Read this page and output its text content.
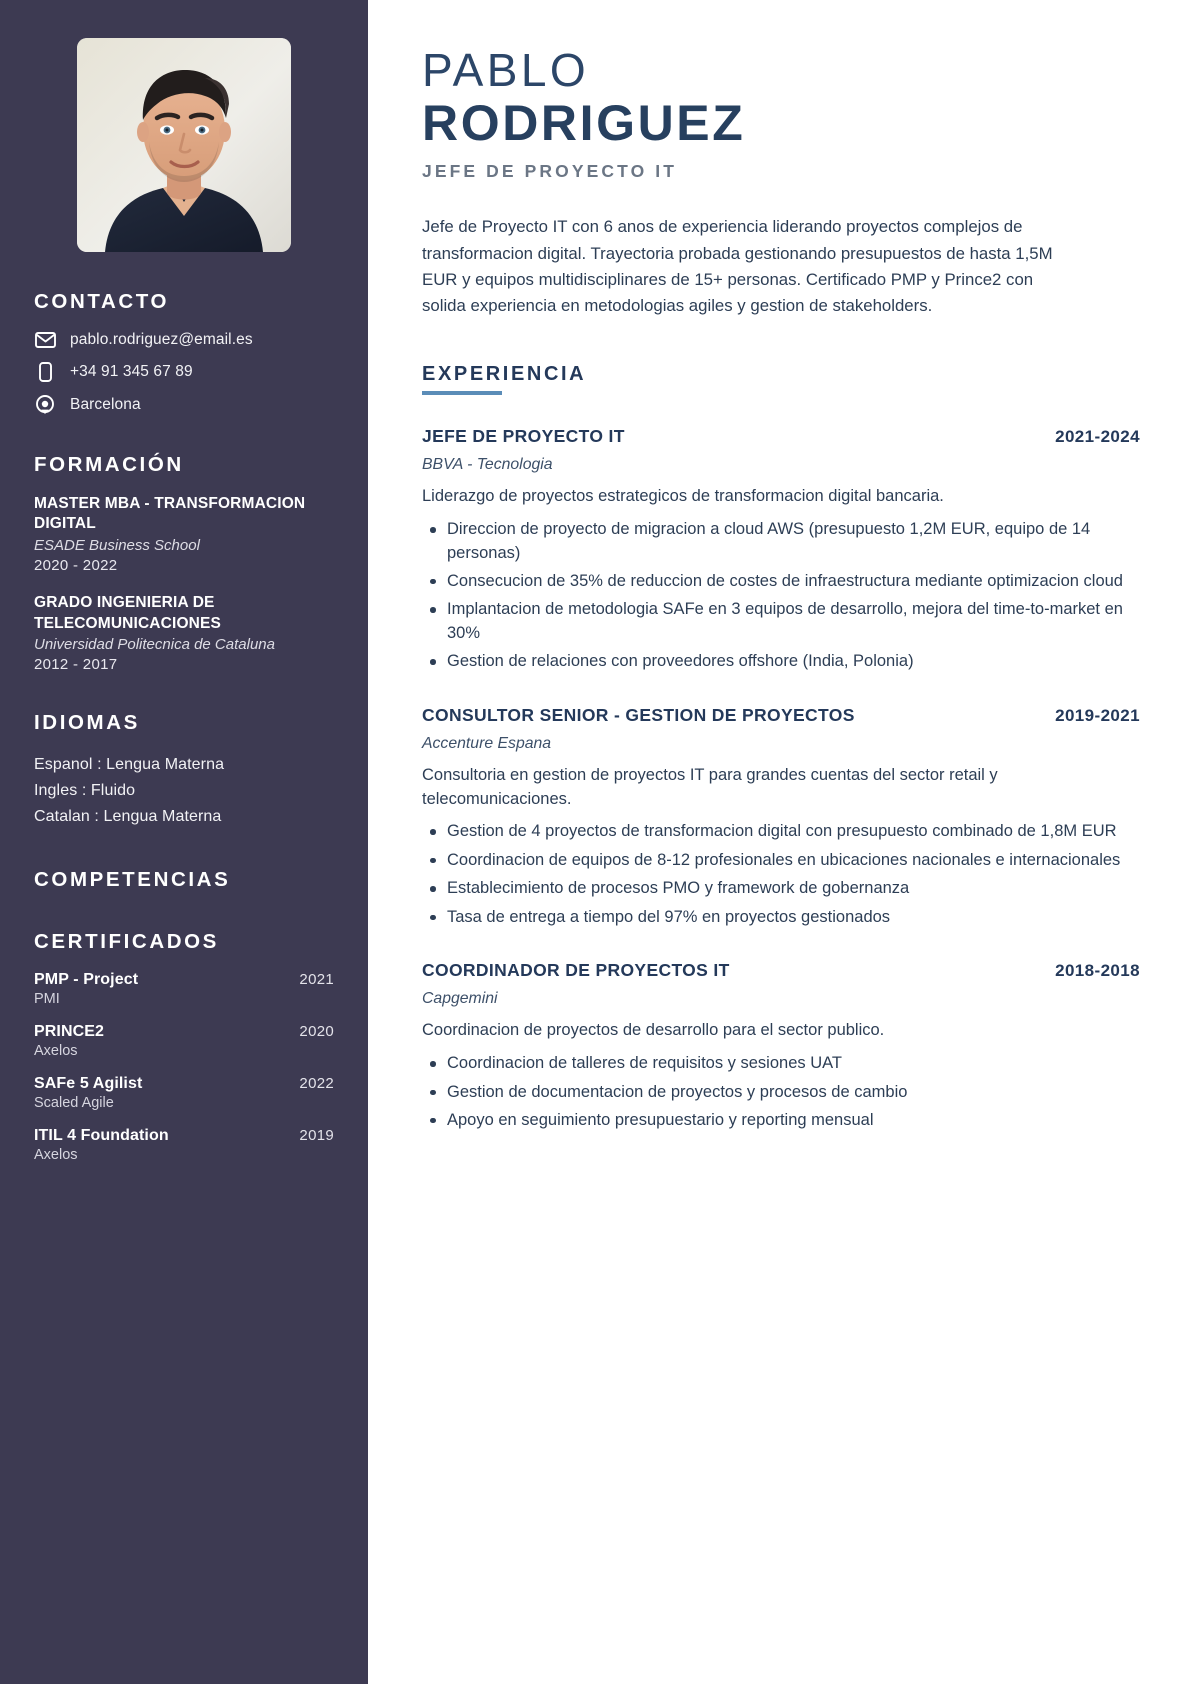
CONTACTO
pablo.rodriguez@email.es
+34 91 345 67 89
Barcelona
FORMACIÓN
MASTER MBA - TRANSFORMACION DIGITAL
ESADE Business School
2020 - 2022
GRADO INGENIERIA DE TELECOMUNICACIONES
Universidad Politecnica de Cataluna
2012 - 2017
IDIOMAS
Espanol : Lengua Materna
Ingles : Fluido
Catalan : Lengua Materna
COMPETENCIAS
CERTIFICADOS
PMP - Project	2021
PMI
PRINCE2	2020
Axelos
SAFe 5 Agilist	2022
Scaled Agile
ITIL 4 Foundation	2019
Axelos
PABLO
RODRIGUEZ
JEFE DE PROYECTO IT

Jefe de Proyecto IT con 6 anos de experiencia liderando proyectos complejos de transformacion digital. Trayectoria probada gestionando presupuestos de hasta 1,5M EUR y equipos multidisciplinares de 15+ personas. Certificado PMP y Prince2 con solida experiencia en metodologias agiles y gestion de stakeholders.

EXPERIENCIA
JEFE DE PROYECTO IT	2021-2024
BBVA - Tecnologia
Liderazgo de proyectos estrategicos de transformacion digital bancaria.
Direccion de proyecto de migracion a cloud AWS (presupuesto 1,2M EUR, equipo de 14 personas)
Consecucion de 35% de reduccion de costes de infraestructura mediante optimizacion cloud
Implantacion de metodologia SAFe en 3 equipos de desarrollo, mejora del time-to-market en 30%
Gestion de relaciones con proveedores offshore (India, Polonia)
CONSULTOR SENIOR - GESTION DE PROYECTOS	2019-2021
Accenture Espana
Consultoria en gestion de proyectos IT para grandes cuentas del sector retail y telecomunicaciones.
Gestion de 4 proyectos de transformacion digital con presupuesto combinado de 1,8M EUR
Coordinacion de equipos de 8-12 profesionales en ubicaciones nacionales e internacionales
Establecimiento de procesos PMO y framework de gobernanza
Tasa de entrega a tiempo del 97% en proyectos gestionados
COORDINADOR DE PROYECTOS IT	2018-2018
Capgemini
Coordinacion de proyectos de desarrollo para el sector publico.
Coordinacion de talleres de requisitos y sesiones UAT
Gestion de documentacion de proyectos y procesos de cambio
Apoyo en seguimiento presupuestario y reporting mensual
